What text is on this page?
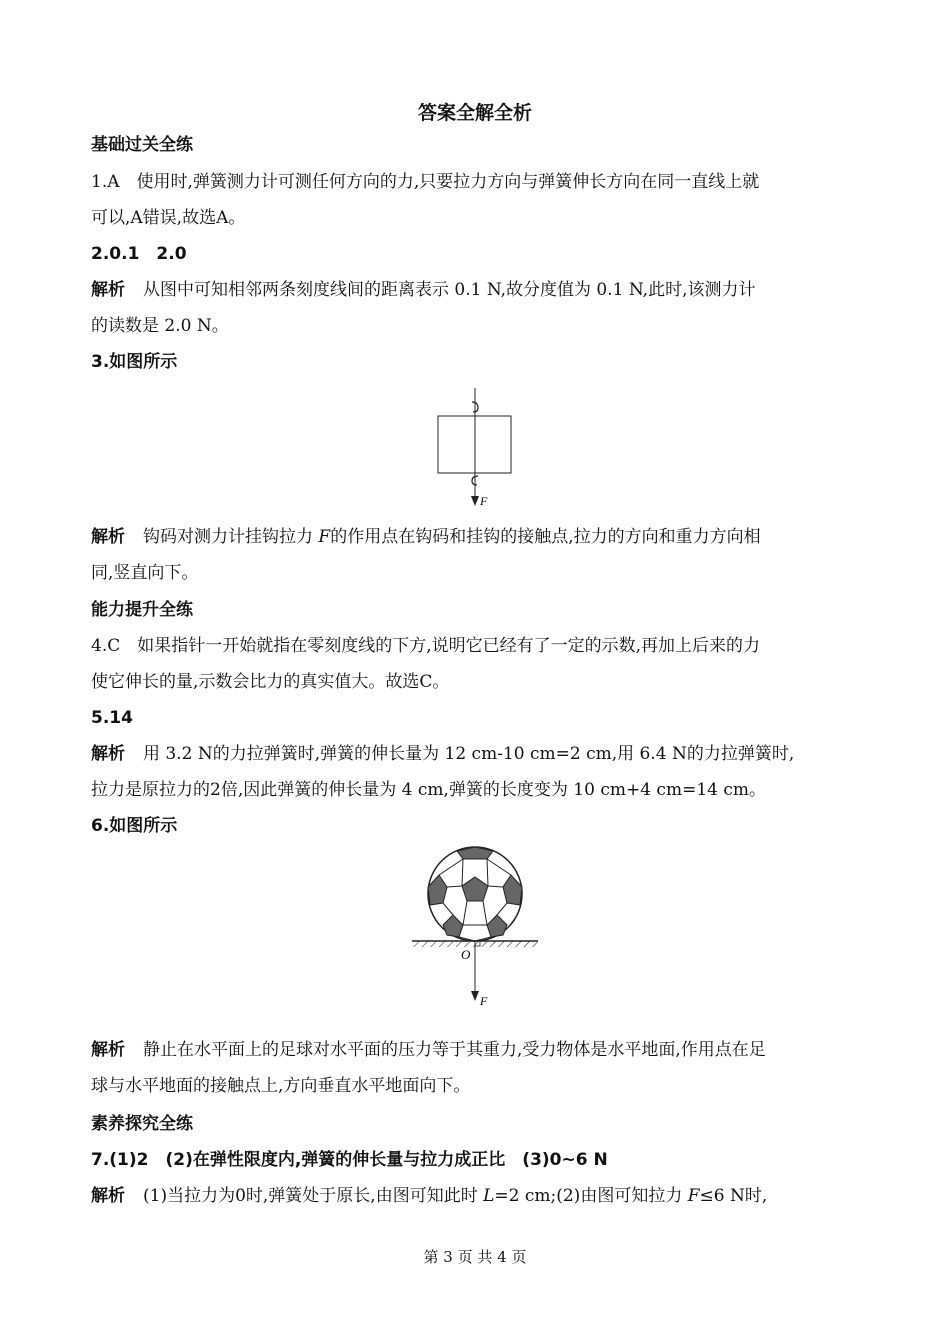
答案全解全析
基础过关全练
1.A　使用时,弹簧测力计可测任何方向的力,只要拉力方向与弹簧伸长方向在同一直线上就
可以,A错误,故选A。
2.0.1　2.0
解析 从图中可知相邻两条刻度线间的距离表示 0.1 N,故分度值为 0.1 N,此时,该测力计
的读数是 2.0 N。
3.如图所示
F
解析 钩码对测力计挂钩拉力 F的作用点在钩码和挂钩的接触点,拉力的方向和重力方向相
同,竖直向下。
能力提升全练
4.C　如果指针一开始就指在零刻度线的下方,说明它已经有了一定的示数,再加上后来的力
使它伸长的量,示数会比力的真实值大。故选C。
5.14
解析 用 3.2 N的力拉弹簧时,弹簧的伸长量为 12 cm-10 cm=2 cm,用 6.4 N的力拉弹簧时,
拉力是原拉力的2倍,因此弹簧的伸长量为 4 cm,弹簧的长度变为 10 cm+4 cm=14 cm。
6.如图所示
O
F
解析 静止在水平面上的足球对水平面的压力等于其重力,受力物体是水平地面,作用点在足
球与水平地面的接触点上,方向垂直水平地面向下。
素养探究全练
7.(1)2　(2)在弹性限度内,弹簧的伸长量与拉力成正比　(3)0~6 N
解析 (1)当拉力为0时,弹簧处于原长,由图可知此时 L=2 cm;(2)由图可知拉力 F≤6 N时,
第 3 页 共 4 页
